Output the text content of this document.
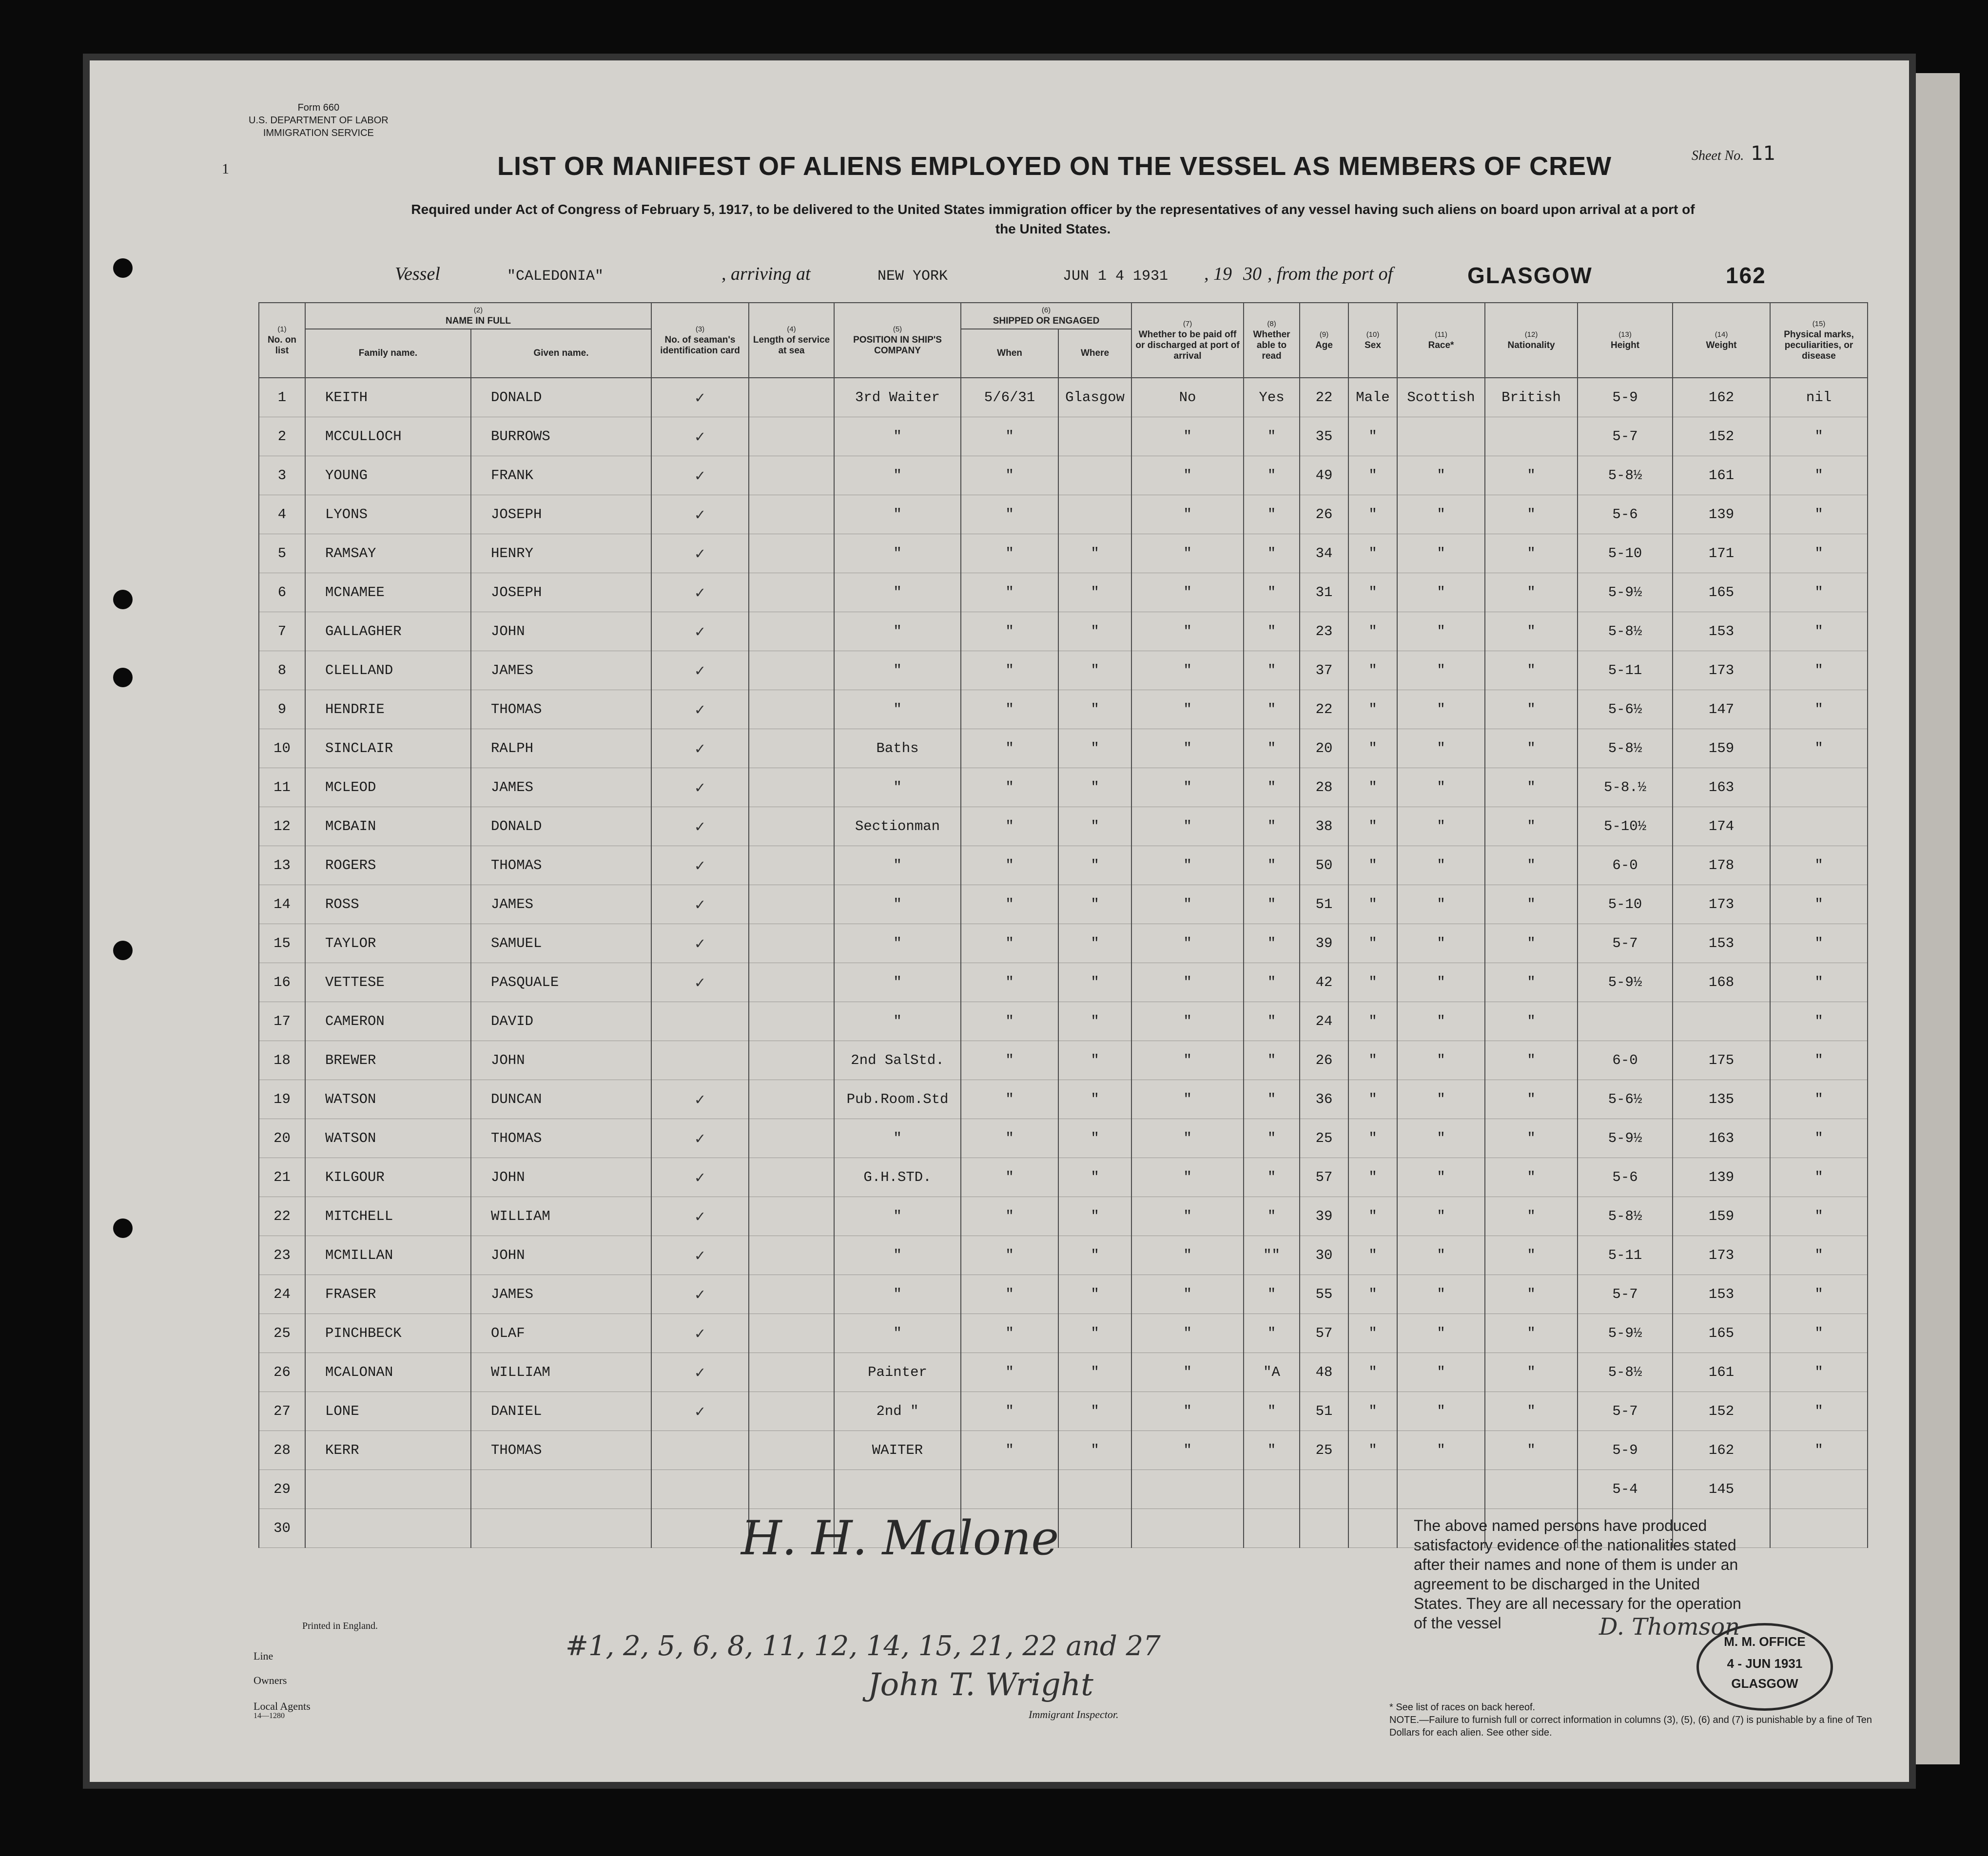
Form 660
U.S. DEPARTMENT OF LABOR
IMMIGRATION SERVICE
1	LIST OR MANIFEST OF ALIENS EMPLOYED ON THE VESSEL AS MEMBERS OF CREW
Required under Act of Congress of February 5, 1917, to be delivered to the United States immigration officer by the representatives of any vessel having such aliens on board upon arrival at a port of the United States.
Sheet No. 11
Vessel	"CALEDONIA"	, arriving at	NEW YORK	JUN 1 4 1931 , 19 30 , from the port of	GLASGOW	162
(1)
No. on list	(2)
NAME IN FULL		(3)
No. of seaman's identification card	(4)
Length of service at sea	(5)
POSITION IN SHIP'S COMPANY	(6)
SHIPPED OR ENGAGED		(7)
Whether to be paid off or discharged at port of arrival	(8)
Whether able to read	(9)
Age	(10)
Sex	(11)
Race*	(12)
Nationality	(13)
Height	(14)
Weight	(15)
Physical marks, peculiarities, or disease
	Family name.	Given name.				When	Where									
1	KEITH	DONALD	✓		3rd Waiter	5/6/31	Glasgow	No	Yes	22	Male	Scottish	British	5-9	162	nil
2	MCCULLOCH	BURROWS	✓		"	"		"	"	35	"			5-7	152	"
3	YOUNG	FRANK	✓		"	"		"	"	49	"	"	"	5-8½	161	"
4	LYONS	JOSEPH	✓		"	"		"	"	26	"	"	"	5-6	139	"
5	RAMSAY	HENRY	✓		"	"	"	"	"	34	"	"	"	5-10	171	"
6	MCNAMEE	JOSEPH	✓		"	"	"	"	"	31	"	"	"	5-9½	165	"
7	GALLAGHER	JOHN	✓		"	"	"	"	"	23	"	"	"	5-8½	153	"
8	CLELLAND	JAMES	✓		"	"	"	"	"	37	"	"	"	5-11	173	"
9	HENDRIE	THOMAS	✓		"	"	"	"	"	22	"	"	"	5-6½	147	"
10	SINCLAIR	RALPH	✓		Baths	"	"	"	"	20	"	"	"	5-8½	159	"
11	MCLEOD	JAMES	✓		"	"	"	"	"	28	"	"	"	5-8.½	163	
12	MCBAIN	DONALD	✓		Sectionman	"	"	"	"	38	"	"	"	5-10½	174	
13	ROGERS	THOMAS	✓		"	"	"	"	"	50	"	"	"	6-0	178	"
14	ROSS	JAMES	✓		"	"	"	"	"	51	"	"	"	5-10	173	"
15	TAYLOR	SAMUEL	✓		"	"	"	"	"	39	"	"	"	5-7	153	"
16	VETTESE	PASQUALE	✓		"	"	"	"	"	42	"	"	"	5-9½	168	"
17	CAMERON	DAVID			"	"	"	"	"	24	"	"	"			"
18	BREWER	JOHN			2nd SalStd.	"	"	"	"	26	"	"	"	6-0	175	"
19	WATSON	DUNCAN	✓		Pub.Room.Std	"	"	"	"	36	"	"	"	5-6½	135	"
20	WATSON	THOMAS	✓		"	"	"	"	"	25	"	"	"	5-9½	163	"
21	KILGOUR	JOHN	✓		G.H.STD.	"	"	"	"	57	"	"	"	5-6	139	"
22	MITCHELL	WILLIAM	✓		"	"	"	"	"	39	"	"	"	5-8½	159	"
23	MCMILLAN	JOHN	✓		"	"	"	"	""	30	"	"	"	5-11	173	"
24	FRASER	JAMES	✓		"	"	"	"	"	55	"	"	"	5-7	153	"
25	PINCHBECK	OLAF	✓		"	"	"	"	"	57	"	"	"	5-9½	165	"
26	MCALONAN	WILLIAM	✓		Painter	"	"	"	"A	48	"	"	"	5-8½	161	"
27	LONE	DANIEL	✓		2nd "	"	"	"	"	51	"	"	"	5-7	152	"
28	KERR	THOMAS			WAITER	"	"	"	"	25	"	"	"	5-9	162	"
29														5-4	145	
30																
Printed in England.
Line
Owners
Local Agents
14—1280
#1, 2, 5, 6, 8, 11, 12, 14, 15, 21, 22 and 27
H. H. Malone
John T. Wright
Immigrant Inspector.
The above named persons have produced satisfactory evidence of the nationalities stated after their names and none of them is under an agreement to be discharged in the United States. They are all necessary for the operation of the vessel	D. Thomson
M. M. OFFICE
4 - JUN 1931
GLASGOW
* See list of races on back hereof.
NOTE.—Failure to furnish full or correct information in columns (3), (5), (6) and (7) is punishable by a fine of Ten Dollars for each alien. See other side.
